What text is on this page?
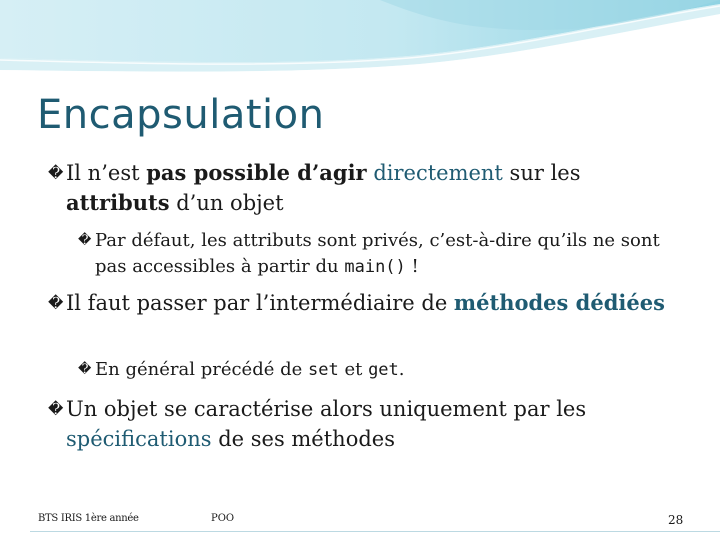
Encapsulation
� Il n’est pas possible d’agir directement sur les attributs d’un objet
� Par défaut, les attributs sont privés, c’est-à-dire qu’ils ne sont pas accessibles à partir du main() !
� Il faut passer par l’intermédiaire de méthodes dédiées
� En général précédé de set et get.
� Un objet se caractérise alors uniquement par les spécifications de ses méthodes
BTS IRIS 1ère année	POO	28
